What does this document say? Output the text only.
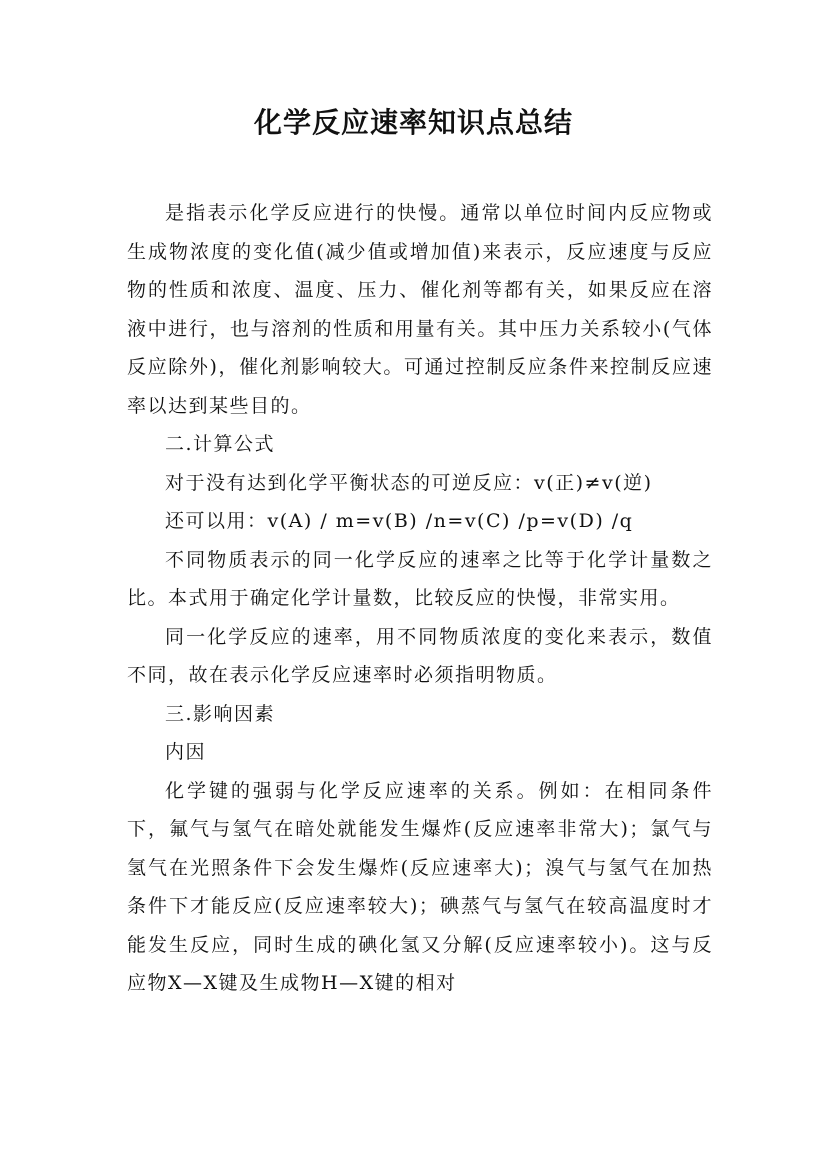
化学反应速率知识点总结

是指表示化学反应进行的快慢。通常以单位时间内反应物或生成物浓度的变化值(减少值或增加值)来表示，反应速度与反应物的性质和浓度、温度、压力、催化剂等都有关，如果反应在溶液中进行，也与溶剂的性质和用量有关。其中压力关系较小(气体反应除外)，催化剂影响较大。可通过控制反应条件来控制反应速率以达到某些目的。

二.计算公式

对于没有达到化学平衡状态的可逆反应：v(正)≠v(逆)

还可以用：v(A) / m=v(B) /n=v(C) /p=v(D) /q

不同物质表示的同一化学反应的速率之比等于化学计量数之比。本式用于确定化学计量数，比较反应的快慢，非常实用。

同一化学反应的速率，用不同物质浓度的变化来表示，数值不同，故在表示化学反应速率时必须指明物质。

三.影响因素

内因

化学键的强弱与化学反应速率的关系。例如：在相同条件下，氟气与氢气在暗处就能发生爆炸(反应速率非常大)；氯气与氢气在光照条件下会发生爆炸(反应速率大)；溴气与氢气在加热条件下才能反应(反应速率较大)；碘蒸气与氢气在较高温度时才能发生反应，同时生成的碘化氢又分解(反应速率较小)。这与反应物X—X键及生成物H—X键的相对
